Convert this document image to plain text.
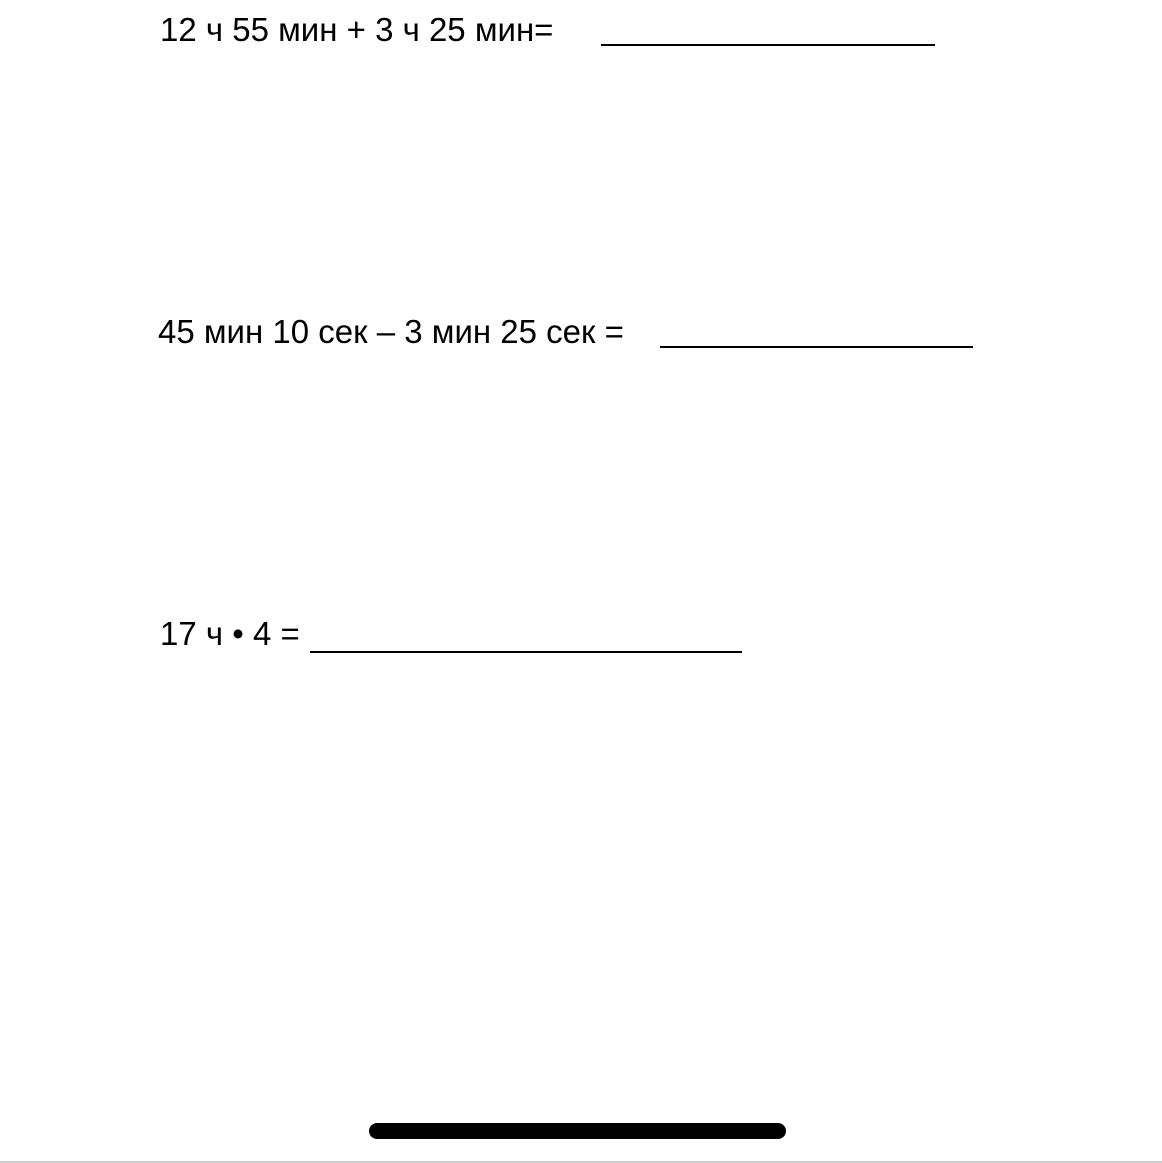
12 ч 55 мин + 3 ч 25 мин=
45 мин 10 сек – 3 мин 25 сек =
17 ч • 4 =
